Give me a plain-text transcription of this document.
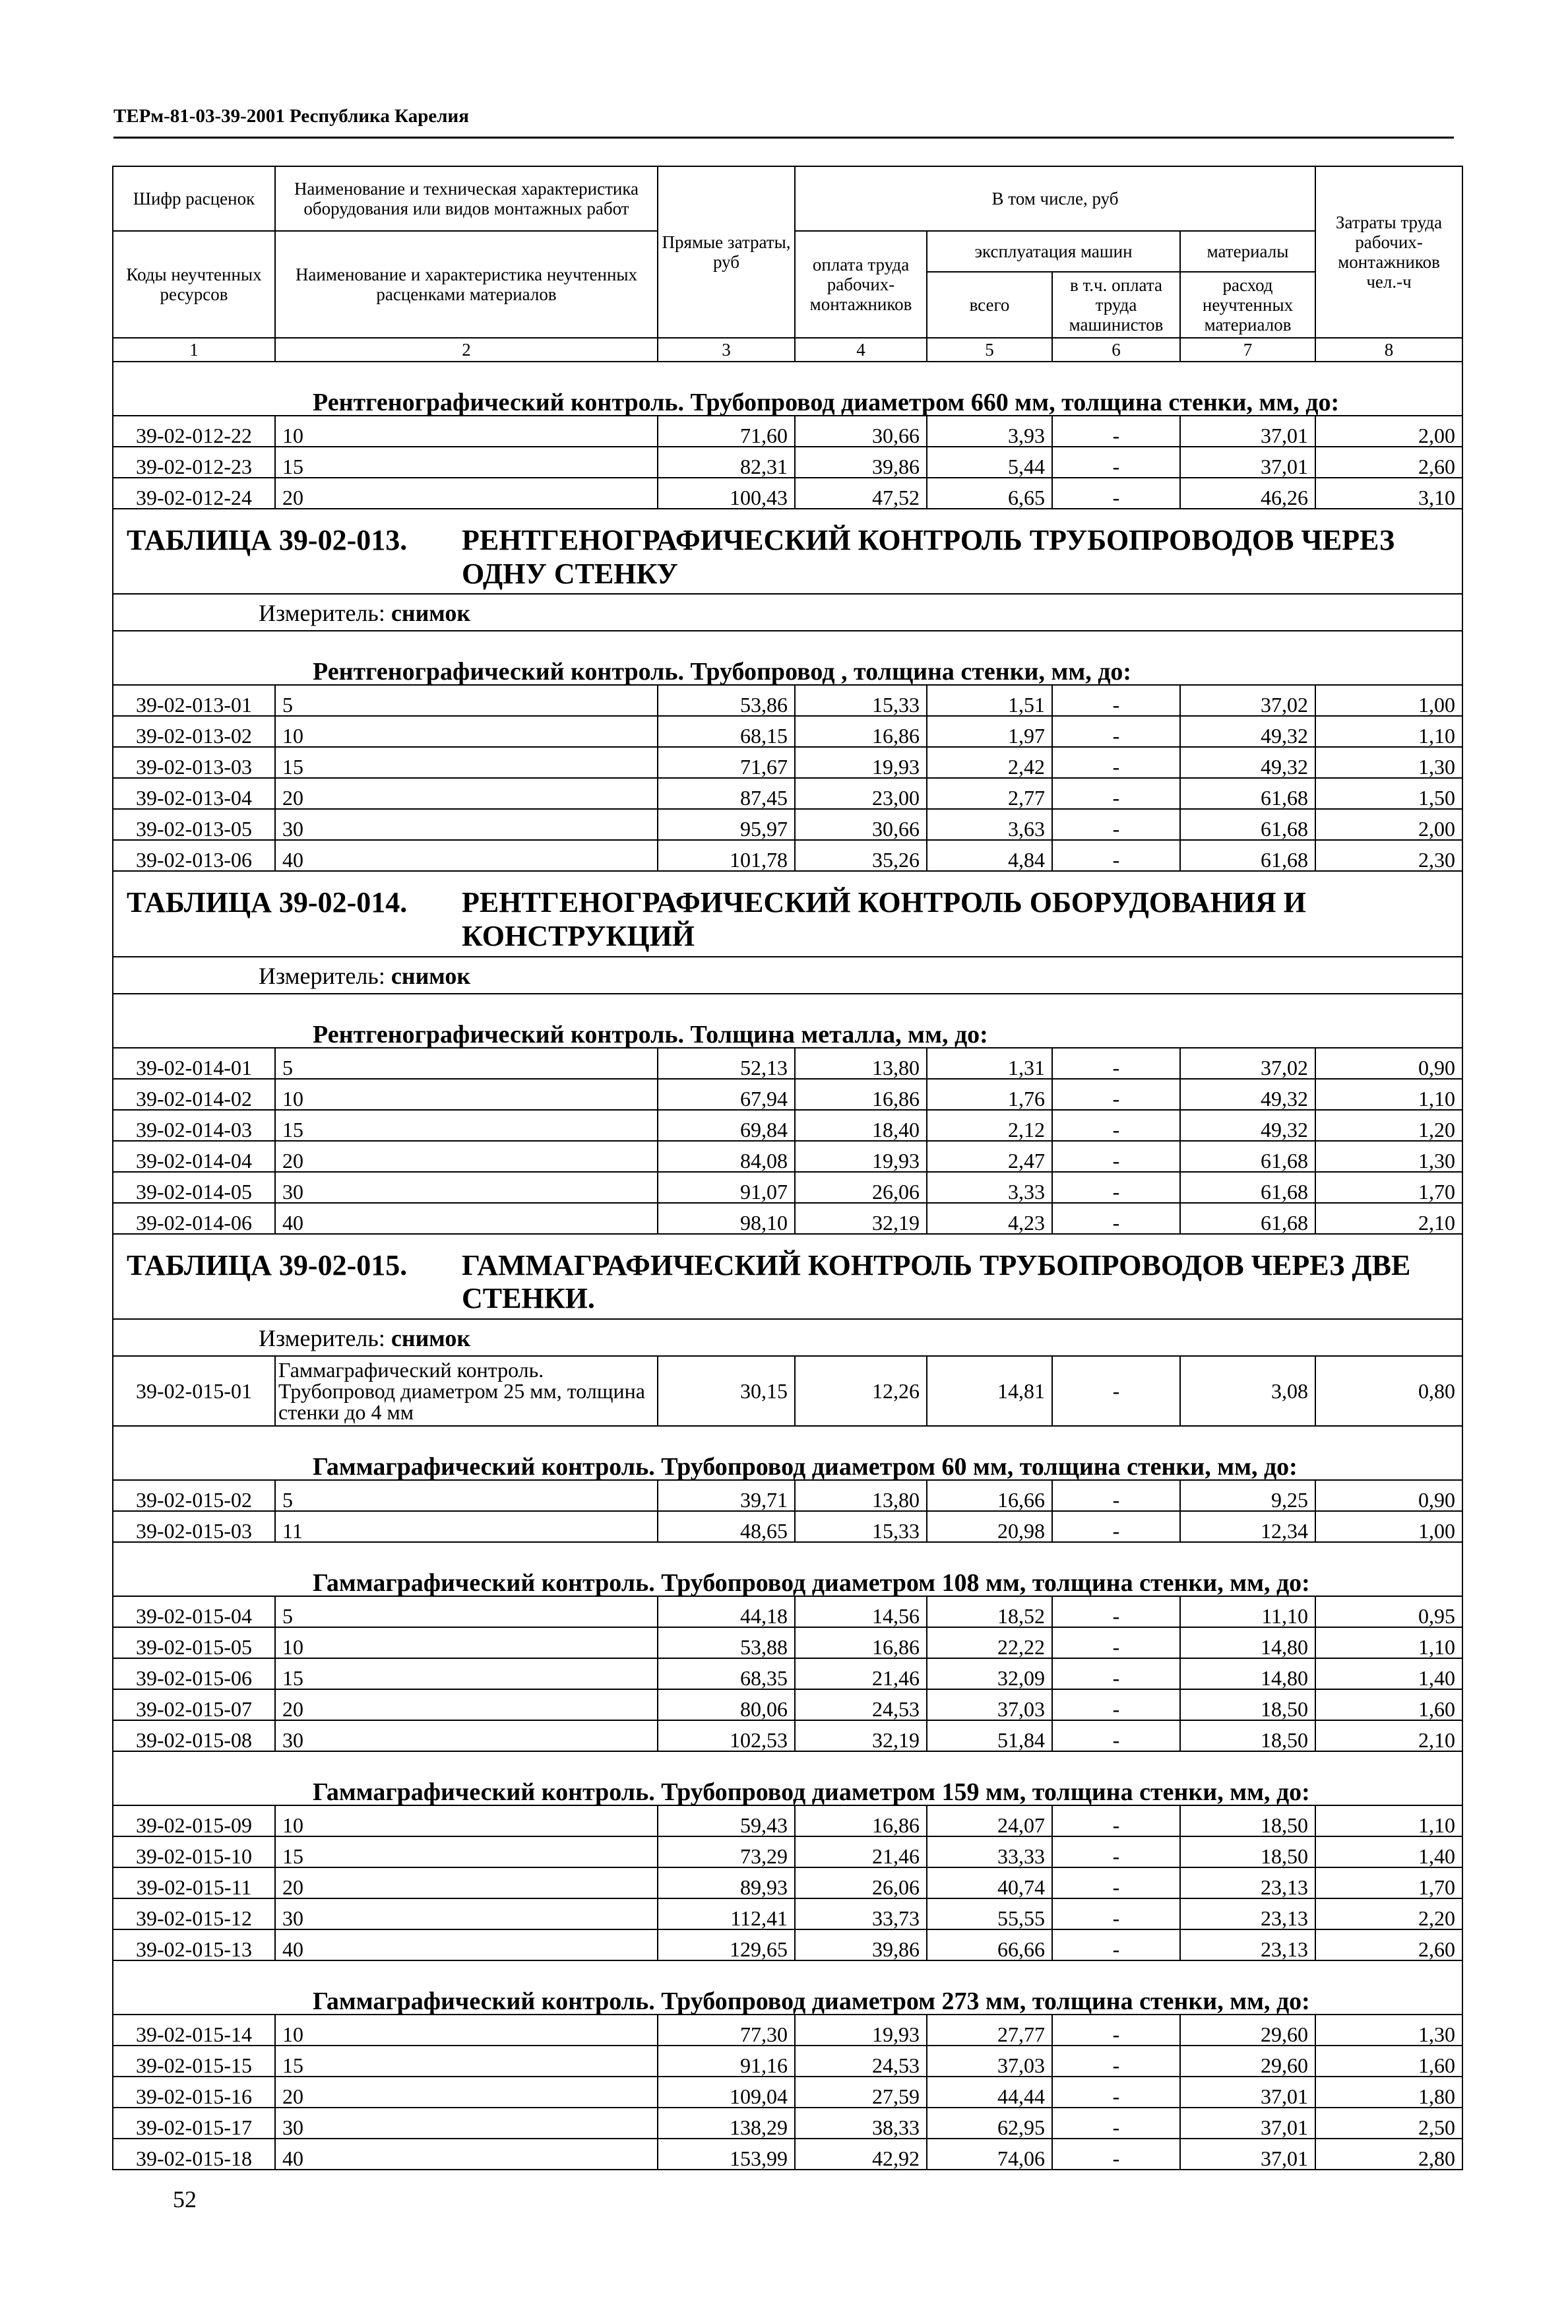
ТЕРм-81-03-39-2001 Республика Карелия
Шифр расценок	Наименование и техническая характеристика оборудования или видов монтажных работ	Прямые затраты, руб	В том числе, руб				Затраты труда рабочих-монтажников чел.-ч
Коды неучтенных ресурсов	Наименование и характеристика неучтенных расценками материалов		оплата труда рабочих-монтажников	эксплуатация машин		материалы	
				всего	в т.ч. оплата труда машинистов	расход неучтенных материалов	
1	2	3	4	5	6	7	8
Рентгенографический контроль. Трубопровод диаметром 660 мм, толщина стенки, мм, до:							
39-02-012-22	10	71,60	30,66	3,93	-	37,01	2,00
39-02-012-23	15	82,31	39,86	5,44	-	37,01	2,60
39-02-012-24	20	100,43	47,52	6,65	-	46,26	3,10
ТАБЛИЦА 39-02-013. РЕНТГЕНОГРАФИЧЕСКИЙ КОНТРОЛЬ ТРУБОПРОВОДОВ ЧЕРЕЗ ОДНУ СТЕНКУ							
Измеритель: снимок							
Рентгенографический контроль. Трубопровод , толщина стенки, мм, до:							
39-02-013-01	5	53,86	15,33	1,51	-	37,02	1,00
39-02-013-02	10	68,15	16,86	1,97	-	49,32	1,10
39-02-013-03	15	71,67	19,93	2,42	-	49,32	1,30
39-02-013-04	20	87,45	23,00	2,77	-	61,68	1,50
39-02-013-05	30	95,97	30,66	3,63	-	61,68	2,00
39-02-013-06	40	101,78	35,26	4,84	-	61,68	2,30
ТАБЛИЦА 39-02-014. РЕНТГЕНОГРАФИЧЕСКИЙ КОНТРОЛЬ ОБОРУДОВАНИЯ И КОНСТРУКЦИЙ							
Измеритель: снимок							
Рентгенографический контроль. Толщина металла, мм, до:							
39-02-014-01	5	52,13	13,80	1,31	-	37,02	0,90
39-02-014-02	10	67,94	16,86	1,76	-	49,32	1,10
39-02-014-03	15	69,84	18,40	2,12	-	49,32	1,20
39-02-014-04	20	84,08	19,93	2,47	-	61,68	1,30
39-02-014-05	30	91,07	26,06	3,33	-	61,68	1,70
39-02-014-06	40	98,10	32,19	4,23	-	61,68	2,10
ТАБЛИЦА 39-02-015. ГАММАГРАФИЧЕСКИЙ КОНТРОЛЬ ТРУБОПРОВОДОВ ЧЕРЕЗ ДВЕ СТЕНКИ.							
Измеритель: снимок							
39-02-015-01	Гаммаграфический контроль. Трубопровод диаметром 25 мм, толщина стенки до 4 мм	30,15	12,26	14,81	-	3,08	0,80
Гаммаграфический контроль. Трубопровод диаметром 60 мм, толщина стенки, мм, до:							
39-02-015-02	5	39,71	13,80	16,66	-	9,25	0,90
39-02-015-03	11	48,65	15,33	20,98	-	12,34	1,00
Гаммаграфический контроль. Трубопровод диаметром 108 мм, толщина стенки, мм, до:							
39-02-015-04	5	44,18	14,56	18,52	-	11,10	0,95
39-02-015-05	10	53,88	16,86	22,22	-	14,80	1,10
39-02-015-06	15	68,35	21,46	32,09	-	14,80	1,40
39-02-015-07	20	80,06	24,53	37,03	-	18,50	1,60
39-02-015-08	30	102,53	32,19	51,84	-	18,50	2,10
Гаммаграфический контроль. Трубопровод диаметром 159 мм, толщина стенки, мм, до:							
39-02-015-09	10	59,43	16,86	24,07	-	18,50	1,10
39-02-015-10	15	73,29	21,46	33,33	-	18,50	1,40
39-02-015-11	20	89,93	26,06	40,74	-	23,13	1,70
39-02-015-12	30	112,41	33,73	55,55	-	23,13	2,20
39-02-015-13	40	129,65	39,86	66,66	-	23,13	2,60
Гаммаграфический контроль. Трубопровод диаметром 273 мм, толщина стенки, мм, до:							
39-02-015-14	10	77,30	19,93	27,77	-	29,60	1,30
39-02-015-15	15	91,16	24,53	37,03	-	29,60	1,60
39-02-015-16	20	109,04	27,59	44,44	-	37,01	1,80
39-02-015-17	30	138,29	38,33	62,95	-	37,01	2,50
39-02-015-18	40	153,99	42,92	74,06	-	37,01	2,80
52
